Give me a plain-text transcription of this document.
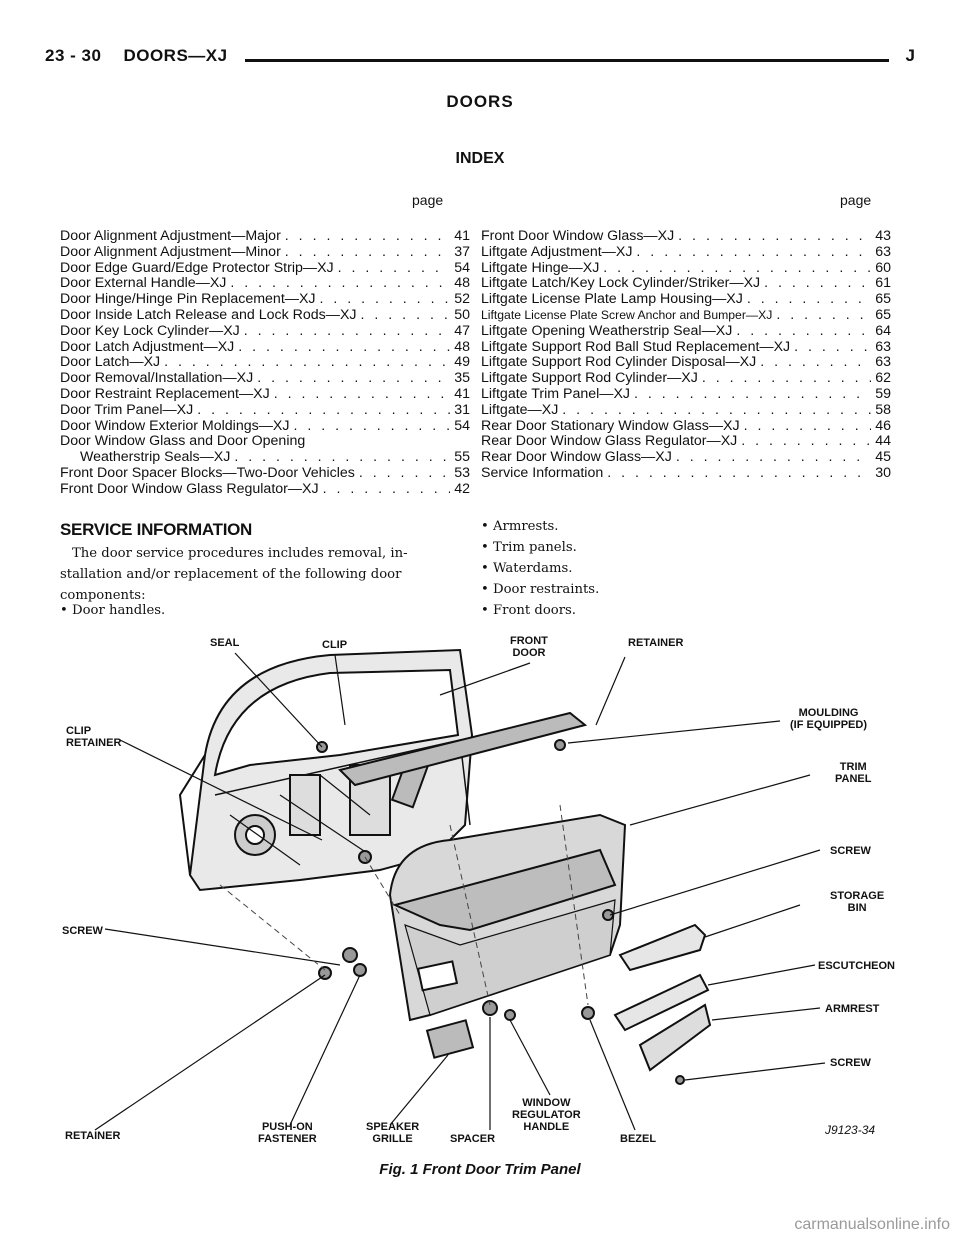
23 - 30 DOORS—XJ	J
DOORS
INDEX
page	page
Door Alignment Adjustment—Major . . .	41
Door Alignment Adjustment—Minor . . .	37
Door Edge Guard/Edge Protector Strip—XJ . . .	54
Door External Handle—XJ . . .	48
Door Hinge/Hinge Pin Replacement—XJ . . .	52
Door Inside Latch Release and Lock Rods—XJ . . .	50
Door Key Lock Cylinder—XJ . . .	47
Door Latch Adjustment—XJ . . .	48
Door Latch—XJ . . .	49
Door Removal/Installation—XJ . . .	35
Door Restraint Replacement—XJ . . .	41
Door Trim Panel—XJ . . .	31
Door Window Exterior Moldings—XJ . . .	54
Door Window Glass and Door Opening
Weatherstrip Seals—XJ . . .	55
Front Door Spacer Blocks—Two-Door Vehicles . . .	53
Front Door Window Glass Regulator—XJ . . .	42
Front Door Window Glass—XJ . . .	43
Liftgate Adjustment—XJ . . .	63
Liftgate Hinge—XJ . . .	60
Liftgate Latch/Key Lock Cylinder/Striker—XJ . . .	61
Liftgate License Plate Lamp Housing—XJ . . .	65
Liftgate License Plate Screw Anchor and Bumper—XJ . . .	65
Liftgate Opening Weatherstrip Seal—XJ . . .	64
Liftgate Support Rod Ball Stud Replacement—XJ . . .	63
Liftgate Support Rod Cylinder Disposal—XJ . . .	63
Liftgate Support Rod Cylinder—XJ . . .	62
Liftgate Trim Panel—XJ . . .	59
Liftgate—XJ . . .	58
Rear Door Stationary Window Glass—XJ . . .	46
Rear Door Window Glass Regulator—XJ . . .	44
Rear Door Window Glass—XJ . . .	45
Service Information . . .	30
SERVICE INFORMATION
The door service procedures includes removal, in-
stallation and/or replacement of the following door
components:
• Door handles.
• Armrests.
• Trim panels.
• Waterdams.
• Door restraints.
• Front doors.
SEAL	CLIP	FRONT
DOOR
RETAINER
CLIP
RETAINER
MOULDING
(IF EQUIPPED)
TRIM
PANEL
SCREW
STORAGE
BIN
SCREW
ESCUTCHEON
ARMREST
SCREW
RETAINER
PUSH-ON
FASTENER
SPEAKER
GRILLE	SPACER
WINDOW
REGULATOR
HANDLE
BEZEL
J9123-34
Fig. 1 Front Door Trim Panel
carmanualsonline.info
